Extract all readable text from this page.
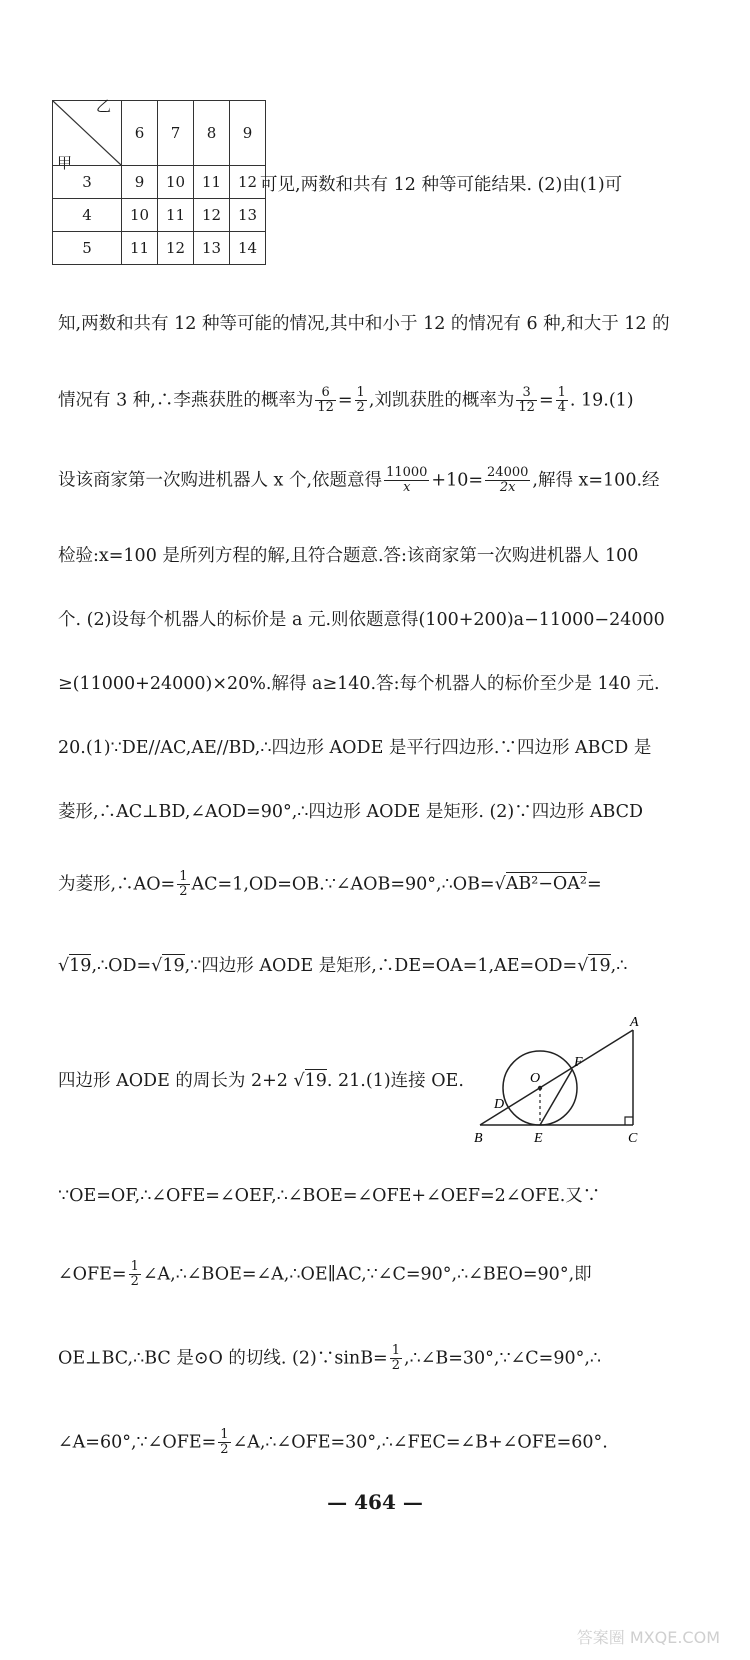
乙
甲	6	7	8	9
3	9	10	11	12
4	10	11	12	13
5	11	12	13	14
可见,两数和共有 12 种等可能结果. (2)由(1)可
知,两数和共有 12 种等可能的情况,其中和小于 12 的情况有 6 种,和大于 12 的
情况有 3 种,∴李燕获胜的概率为 $\frac{6}{12} = \frac{1}{2}$ ,刘凯获胜的概率为 $\frac{3}{12} = \frac{1}{4}$ . 19.(1)
设该商家第一次购进机器人 x 个,依题意得 $\frac{11000}{x} +10= \frac{24000}{2x}$ ,解得 x=100.经
检验:x=100 是所列方程的解,且符合题意.答:该商家第一次购进机器人 100
个. (2)设每个机器人的标价是 a 元.则依题意得(100+200)a−11000−24000
≥(11000+24000)×20%.解得 a≥140.答:每个机器人的标价至少是 140 元.
20.(1)∵DE//AC,AE//BD,∴四边形 AODE 是平行四边形.∵四边形 ABCD 是
菱形,∴AC⊥BD,∠AOD=90°,∴四边形 AODE 是矩形. (2)∵四边形 ABCD
为菱形,∴AO= $\frac{1}{2}$ AC=1,OD=OB.∵∠AOB=90°,∴OB=√AB²−OA²=
√19,∴OD=√19,∵四边形 AODE 是矩形,∴DE=OA=1,AE=OD=√19,∴
四边形 AODE 的周长为 2+2 √19. 21.(1)连接 OE.
A
B	C
D
E
F
O
∵OE=OF,∴∠OFE=∠OEF,∴∠BOE=∠OFE+∠OEF=2∠OFE.又∵
∠OFE= $\frac{1}{2}$ ∠A,∴∠BOE=∠A,∴OE∥AC,∵∠C=90°,∴∠BEO=90°,即
OE⊥BC,∴BC 是⊙O 的切线. (2)∵sinB= $\frac{1}{2}$ ,∴∠B=30°,∵∠C=90°,∴
∠A=60°,∵∠OFE= $\frac{1}{2}$ ∠A,∴∠OFE=30°,∴∠FEC=∠B+∠OFE=60°.
— 464 —
答案圈 MXQE.COM
